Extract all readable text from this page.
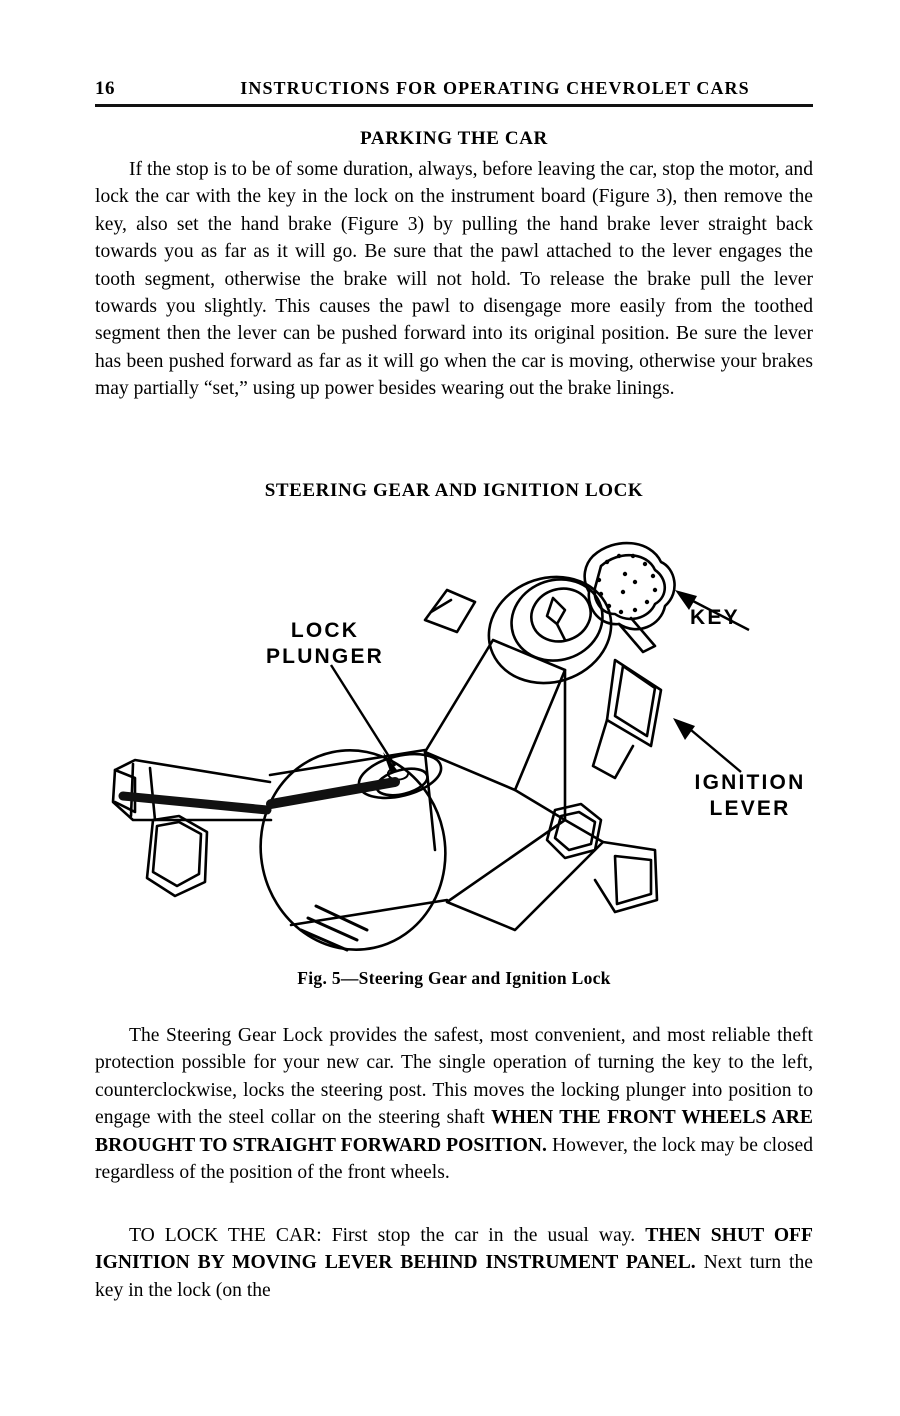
16	INSTRUCTIONS FOR OPERATING CHEVROLET CARS
PARKING THE CAR
If the stop is to be of some duration, always, before leaving the car, stop the motor, and lock the car with the key in the lock on the instrument board (Figure 3), then remove the key, also set the hand brake (Figure 3) by pulling the hand brake lever straight back towards you as far as it will go. Be sure that the pawl attached to the lever engages the tooth segment, otherwise the brake will not hold. To release the brake pull the lever towards you slightly. This causes the pawl to disengage more easily from the toothed segment then the lever can be pushed forward into its original position. Be sure the lever has been pushed forward as far as it will go when the car is moving, otherwise your brakes may partially “set,” using up power besides wearing out the brake linings.
STEERING GEAR AND IGNITION LOCK
LOCK
PLUNGER
KEY
IGNITION
LEVER
Fig. 5—Steering Gear and Ignition Lock
The Steering Gear Lock provides the safest, most convenient, and most reliable theft protection possible for your new car. The single operation of turning the key to the left, counterclockwise, locks the steering post. This moves the locking plunger into position to engage with the steel collar on the steering shaft WHEN THE FRONT WHEELS ARE BROUGHT TO STRAIGHT FORWARD POSITION. However, the lock may be closed regardless of the position of the front wheels.
TO LOCK THE CAR: First stop the car in the usual way. THEN SHUT OFF IGNITION BY MOVING LEVER BEHIND INSTRUMENT PANEL. Next turn the key in the lock (on the
